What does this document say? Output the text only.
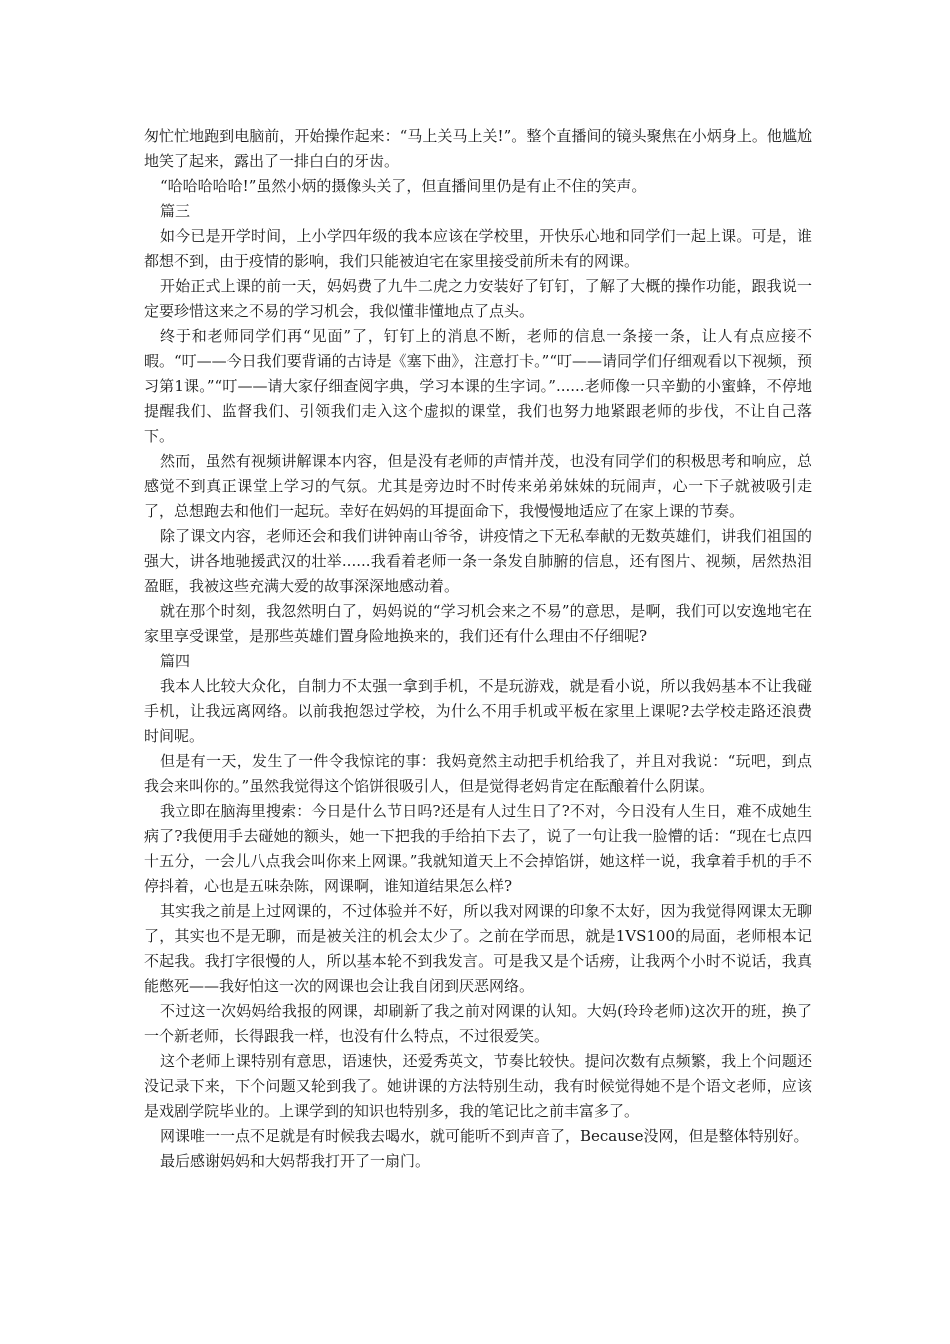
匆忙忙地跑到电脑前，开始操作起来：“马上关马上关!”。整个直播间的镜头聚焦在小炳身上。他尴尬地笑了起来，露出了一排白白的牙齿。

“哈哈哈哈哈!”虽然小炳的摄像头关了，但直播间里仍是有止不住的笑声。

篇三

如今已是开学时间，上小学四年级的我本应该在学校里，开快乐心地和同学们一起上课。可是，谁都想不到，由于疫情的影响，我们只能被迫宅在家里接受前所未有的网课。

开始正式上课的前一天，妈妈费了九牛二虎之力安装好了钉钉，了解了大概的操作功能，跟我说一定要珍惜这来之不易的学习机会，我似懂非懂地点了点头。

终于和老师同学们再“见面”了，钉钉上的消息不断，老师的信息一条接一条，让人有点应接不暇。“叮——今日我们要背诵的古诗是《塞下曲》，注意打卡。”“叮——请同学们仔细观看以下视频，预习第1课。”“叮——请大家仔细查阅字典，学习本课的生字词。”......老师像一只辛勤的小蜜蜂，不停地提醒我们、监督我们、引领我们走入这个虚拟的课堂，我们也努力地紧跟老师的步伐，不让自己落下。

然而，虽然有视频讲解课本内容，但是没有老师的声情并茂，也没有同学们的积极思考和响应，总感觉不到真正课堂上学习的气氛。尤其是旁边时不时传来弟弟妹妹的玩闹声，心一下子就被吸引走了，总想跑去和他们一起玩。幸好在妈妈的耳提面命下，我慢慢地适应了在家上课的节奏。

除了课文内容，老师还会和我们讲钟南山爷爷，讲疫情之下无私奉献的无数英雄们，讲我们祖国的强大，讲各地驰援武汉的壮举......我看着老师一条一条发自肺腑的信息，还有图片、视频，居然热泪盈眶，我被这些充满大爱的故事深深地感动着。

就在那个时刻，我忽然明白了，妈妈说的“学习机会来之不易”的意思，是啊，我们可以安逸地宅在家里享受课堂，是那些英雄们置身险地换来的，我们还有什么理由不仔细呢?

篇四

我本人比较大众化，自制力不太强一拿到手机，不是玩游戏，就是看小说，所以我妈基本不让我碰手机，让我远离网络。以前我抱怨过学校，为什么不用手机或平板在家里上课呢?去学校走路还浪费时间呢。

但是有一天，发生了一件令我惊诧的事：我妈竟然主动把手机给我了，并且对我说：“玩吧，到点我会来叫你的。”虽然我觉得这个馅饼很吸引人，但是觉得老妈肯定在酝酿着什么阴谋。

我立即在脑海里搜索：今日是什么节日吗?还是有人过生日了?不对，今日没有人生日，难不成她生病了?我便用手去碰她的额头，她一下把我的手给拍下去了，说了一句让我一脸懵的话：“现在七点四十五分，一会儿八点我会叫你来上网课。”我就知道天上不会掉馅饼，她这样一说，我拿着手机的手不停抖着，心也是五味杂陈，网课啊，谁知道结果怎么样?

其实我之前是上过网课的，不过体验并不好，所以我对网课的印象不太好，因为我觉得网课太无聊了，其实也不是无聊，而是被关注的机会太少了。之前在学而思，就是1VS100的局面，老师根本记不起我。我打字很慢的人，所以基本轮不到我发言。可是我又是个话痨，让我两个小时不说话，我真能憋死——我好怕这一次的网课也会让我自闭到厌恶网络。

不过这一次妈妈给我报的网课，却刷新了我之前对网课的认知。大妈(玲玲老师)这次开的班，换了一个新老师，长得跟我一样，也没有什么特点，不过很爱笑。

这个老师上课特别有意思，语速快，还爱秀英文，节奏比较快。提问次数有点频繁，我上个问题还没记录下来，下个问题又轮到我了。她讲课的方法特别生动，我有时候觉得她不是个语文老师，应该是戏剧学院毕业的。上课学到的知识也特别多，我的笔记比之前丰富多了。

网课唯一一点不足就是有时候我去喝水，就可能听不到声音了，Because没网，但是整体特别好。

最后感谢妈妈和大妈帮我打开了一扇门。
